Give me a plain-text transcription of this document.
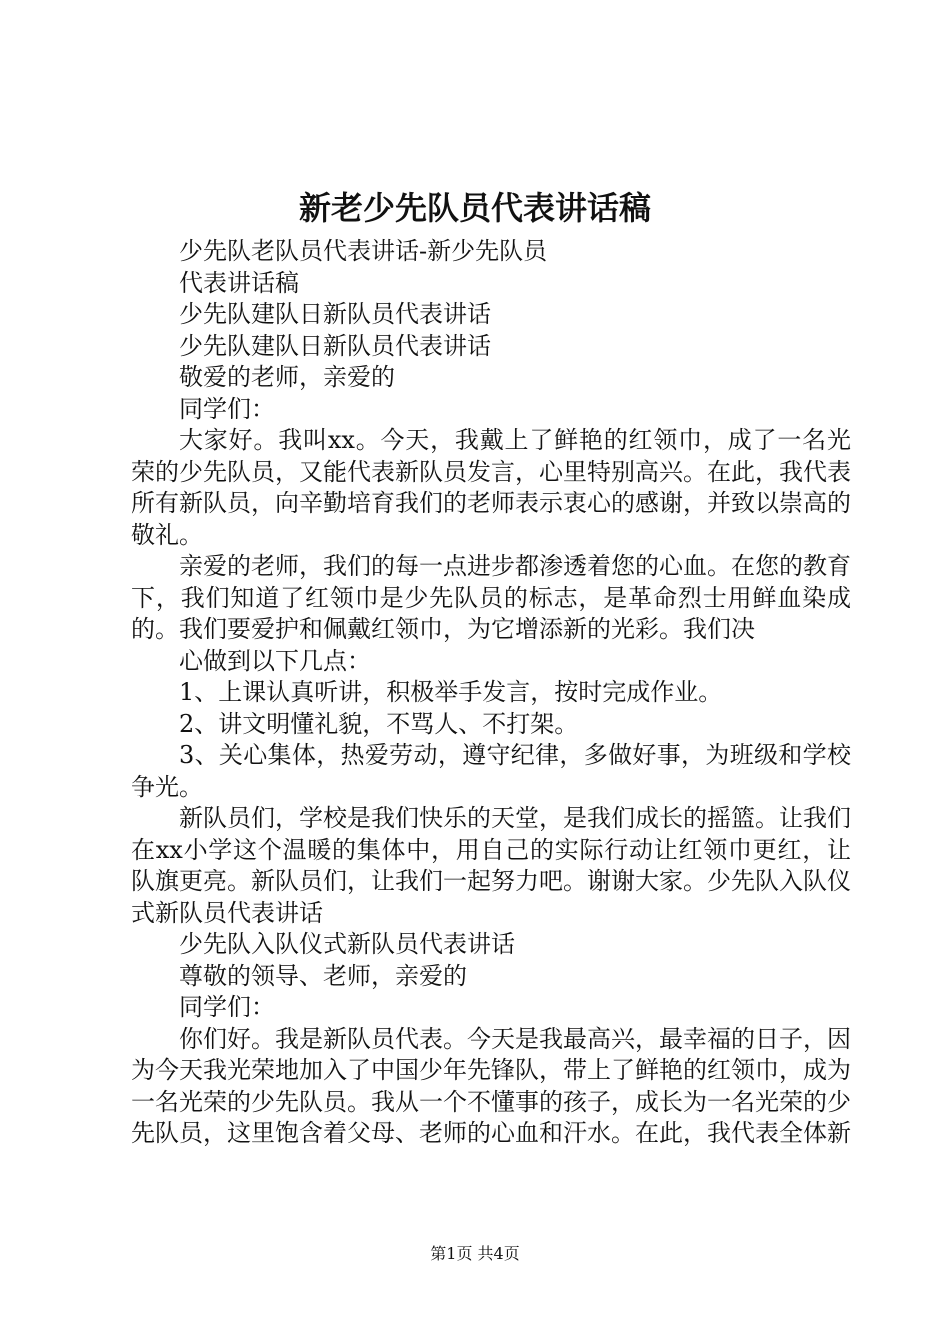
新老少先队员代表讲话稿

少先队老队员代表讲话-新少先队员

代表讲话稿

少先队建队日新队员代表讲话

少先队建队日新队员代表讲话

敬爱的老师，亲爱的

同学们：

大家好。我叫xx。今天，我戴上了鲜艳的红领巾，成了一名光荣的少先队员，又能代表新队员发言，心里特别高兴。在此，我代表所有新队员，向辛勤培育我们的老师表示衷心的感谢，并致以崇高的敬礼。

亲爱的老师，我们的每一点进步都渗透着您的心血。在您的教育下，我们知道了红领巾是少先队员的标志，是革命烈士用鲜血染成的。我们要爱护和佩戴红领巾，为它增添新的光彩。我们决

心做到以下几点：

1、上课认真听讲，积极举手发言，按时完成作业。

2、讲文明懂礼貌，不骂人、不打架。

3、关心集体，热爱劳动，遵守纪律，多做好事，为班级和学校争光。

新队员们，学校是我们快乐的天堂，是我们成长的摇篮。让我们在xx小学这个温暖的集体中，用自己的实际行动让红领巾更红，让队旗更亮。新队员们，让我们一起努力吧。谢谢大家。少先队入队仪式新队员代表讲话

少先队入队仪式新队员代表讲话

尊敬的领导、老师，亲爱的

同学们：

你们好。我是新队员代表。今天是我最高兴，最幸福的日子，因为今天我光荣地加入了中国少年先锋队，带上了鲜艳的红领巾，成为一名光荣的少先队员。我从一个不懂事的孩子，成长为一名光荣的少先队员，这里饱含着父母、老师的心血和汗水。在此，我代表全体新

第1页 共4页
